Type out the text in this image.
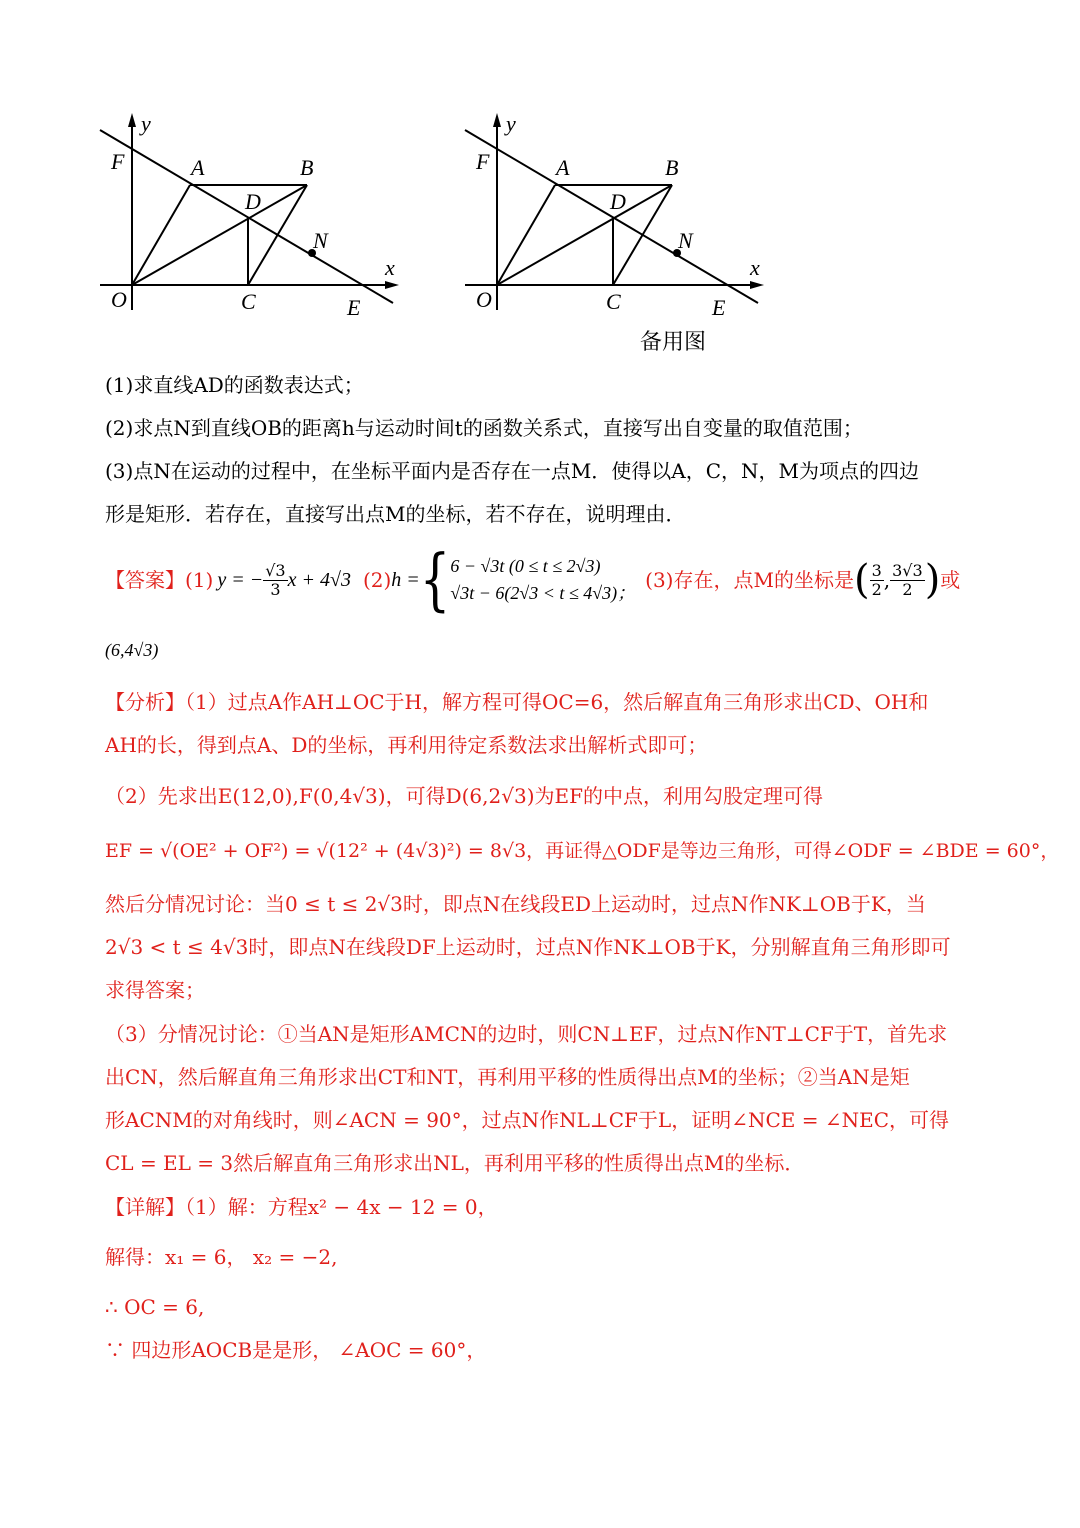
y
x
F	A	B
D
N
O	C	E
y
x
F	A	B
D
N
O	C	E
备用图
(1)求直线AD的函数表达式；
(2)求点N到直线OB的距离h与运动时间t的函数关系式，直接写出自变量的取值范围；
(3)点N在运动的过程中，在坐标平面内是否存在一点M．使得以A，C，N，M为项点的四边
形是矩形．若存在，直接写出点M的坐标，若不存在，说明理由．
【答案】 (1) y = − $\frac{√3}{3}$ x + 4√3 (2) h = { 6 − √3t (0 ≤ t ≤ 2√3)
√3t − 6(2√3 < t ≤ 4√3)；
(3)存在，点M的坐标是 ( $\frac{3}{2}$ , $\frac{3√3}{2}$ ) 或
(6,4√3)
【分析】（1）过点A作AH⊥OC于H，解方程可得OC=6，然后解直角三角形求出CD、OH和
AH的长，得到点A、D的坐标，再利用待定系数法求出解析式即可；
（2）先求出E(12,0),F(0,4√3)，可得D(6,2√3)为EF的中点，利用勾股定理可得
EF = √(OE² + OF²) = √(12² + (4√3)²) = 8√3，再证得△ODF是等边三角形，可得∠ODF = ∠BDE = 60°，
然后分情况讨论：当0 ≤ t ≤ 2√3时，即点N在线段ED上运动时，过点N作NK⊥OB于K，当
2√3 < t ≤ 4√3时，即点N在线段DF上运动时，过点N作NK⊥OB于K，分别解直角三角形即可
求得答案；
（3）分情况讨论：①当AN是矩形AMCN的边时，则CN⊥EF，过点N作NT⊥CF于T，首先求
出CN，然后解直角三角形求出CT和NT，再利用平移的性质得出点M的坐标；②当AN是矩
形ACNM的对角线时，则∠ACN = 90°，过点N作NL⊥CF于L，证明∠NCE = ∠NEC，可得
CL = EL = 3然后解直角三角形求出NL，再利用平移的性质得出点M的坐标．
【详解】（1）解：方程x² − 4x − 12 = 0，
解得：x₁ = 6， x₂ = −2,
∴ OC = 6,
∵ 四边形AOCB是是形， ∠AOC = 60°，
